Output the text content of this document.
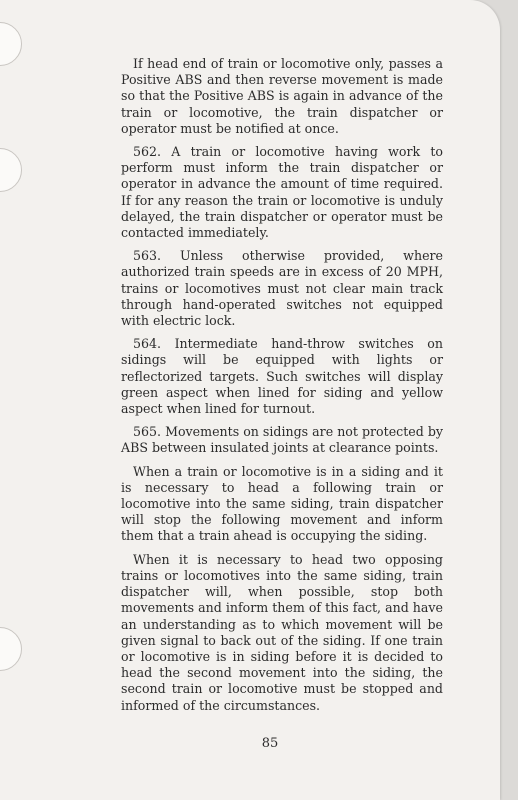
If head end of train or locomotive only, passes a Positive ABS and then reverse movement is made so that the Positive ABS is again in advance of the train or locomotive, the train dispatcher or operator must be notified at once.

562. A train or locomotive having work to perform must inform the train dispatcher or operator in advance the amount of time required. If for any reason the train or locomotive is unduly delayed, the train dispatcher or operator must be contacted immediately.

563. Unless otherwise provided, where authorized train speeds are in excess of 20 MPH, trains or locomotives must not clear main track through hand-operated switches not equipped with electric lock.

564. Intermediate hand-throw switches on sidings will be equipped with lights or reflectorized targets. Such switches will display green aspect when lined for siding and yellow aspect when lined for turnout.

565. Movements on sidings are not protected by ABS between insulated joints at clearance points.

When a train or locomotive is in a siding and it is necessary to head a following train or locomotive into the same siding, train dispatcher will stop the following movement and inform them that a train ahead is occupying the siding.

When it is necessary to head two opposing trains or locomotives into the same siding, train dispatcher will, when possible, stop both movements and inform them of this fact, and have an understanding as to which movement will be given signal to back out of the siding. If one train or locomotive is in siding before it is decided to head the second movement into the siding, the second train or locomotive must be stopped and informed of the circumstances.

85
